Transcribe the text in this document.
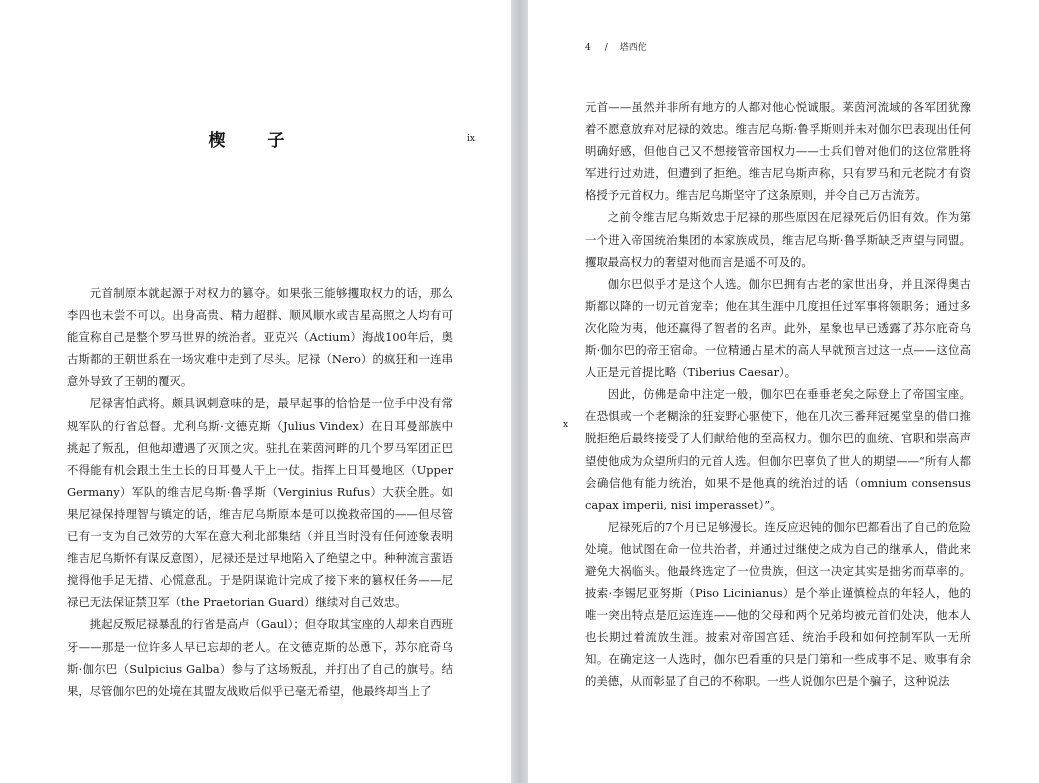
楔 子	ix

元首制原本就起源于对权力的篡夺。如果张三能够攫取权力的话，那么李四也未尝不可以。出身高贵、精力超群、顺风顺水或吉星高照之人均有可能宣称自己是整个罗马世界的统治者。亚克兴（Actium）海战100年后，奥古斯都的王朝世系在一场灾难中走到了尽头。尼禄（Nero）的疯狂和一连串意外导致了王朝的覆灭。

尼禄害怕武将。颇具讽刺意味的是，最早起事的恰恰是一位手中没有常规军队的行省总督。尤利乌斯·文德克斯（Julius Vindex）在日耳曼部族中挑起了叛乱，但他却遭遇了灭顶之灾。驻扎在莱茵河畔的几个罗马军团正巴不得能有机会跟土生土长的日耳曼人干上一仗。指挥上日耳曼地区（Upper Germany）军队的维吉尼乌斯·鲁孚斯（Verginius Rufus）大获全胜。如果尼禄保持理智与镇定的话，维吉尼乌斯原本是可以挽救帝国的——但尽管已有一支为自己效劳的大军在意大利北部集结（并且当时没有任何迹象表明维吉尼乌斯怀有谋反意图），尼禄还是过早地陷入了绝望之中。种种流言蜚语搅得他手足无措、心慌意乱。于是阴谋诡计完成了接下来的篡权任务——尼禄已无法保证禁卫军（the Praetorian Guard）继续对自己效忠。

挑起反叛尼禄暴乱的行省是高卢（Gaul）；但夺取其宝座的人却来自西班牙——那是一位许多人早已忘却的老人。在文德克斯的怂恿下，苏尔庇奇乌斯·伽尔巴（Sulpicius Galba）参与了这场叛乱，并打出了自己的旗号。结果，尽管伽尔巴的处境在其盟友战败后似乎已毫无希望，他最终却当上了

元首——虽然并非所有地方的人都对他心悦诚服。莱茵河流域的各军团犹豫着不愿意放弃对尼禄的效忠。维吉尼乌斯·鲁孚斯则并未对伽尔巴表现出任何明确好感，但他自己又不想接管帝国权力——士兵们曾对他们的这位常胜将军进行过劝进，但遭到了拒绝。维吉尼乌斯声称，只有罗马和元老院才有资格授予元首权力。维吉尼乌斯坚守了这条原则，并令自己万古流芳。

之前令维吉尼乌斯效忠于尼禄的那些原因在尼禄死后仍旧有效。作为第一个进入帝国统治集团的本家族成员，维吉尼乌斯·鲁孚斯缺乏声望与同盟。攫取最高权力的奢望对他而言是遥不可及的。

伽尔巴似乎才是这个人选。伽尔巴拥有古老的家世出身，并且深得奥古斯都以降的一切元首宠幸；他在其生涯中几度担任过军事将领职务；通过多次化险为夷，他还赢得了智者的名声。此外，星象也早已透露了苏尔庇奇乌斯·伽尔巴的帝王宿命。一位精通占星术的高人早就预言过这一点——这位高人正是元首提比略（Tiberius Caesar）。

因此，仿佛是命中注定一般，伽尔巴在垂垂老矣之际登上了帝国宝座。在恐惧或一个老糊涂的狂妄野心驱使下，他在几次三番拜冠冕堂皇的借口推脱拒绝后最终接受了人们献给他的至高权力。伽尔巴的血统、官职和崇高声望使他成为众望所归的元首人选。但伽尔巴辜负了世人的期望——“所有人都会确信他有能力统治，如果不是他真的统治过的话（omnium consensus capax imperii, nisi imperasset）”。

尼禄死后的7个月已足够漫长。连反应迟钝的伽尔巴都看出了自己的危险处境。他试图在命一位共治者，并通过过继使之成为自己的继承人，借此来避免大祸临头。他最终选定了一位贵族，但这一决定其实是拙劣而草率的。披索·李锡尼亚努斯（Piso Licinianus）是个举止谨慎检点的年轻人，他的唯一突出特点是厄运连连——他的父母和两个兄弟均被元首们处决，他本人也长期过着流放生涯。披索对帝国宫廷、统治手段和如何控制军队一无所知。在确定这一人选时，伽尔巴看重的只是门第和一些成事不足、败事有余的美德，从而彰显了自己的不称职。一些人说伽尔巴是个骗子，这种说法

4 / 塔西佗
x
